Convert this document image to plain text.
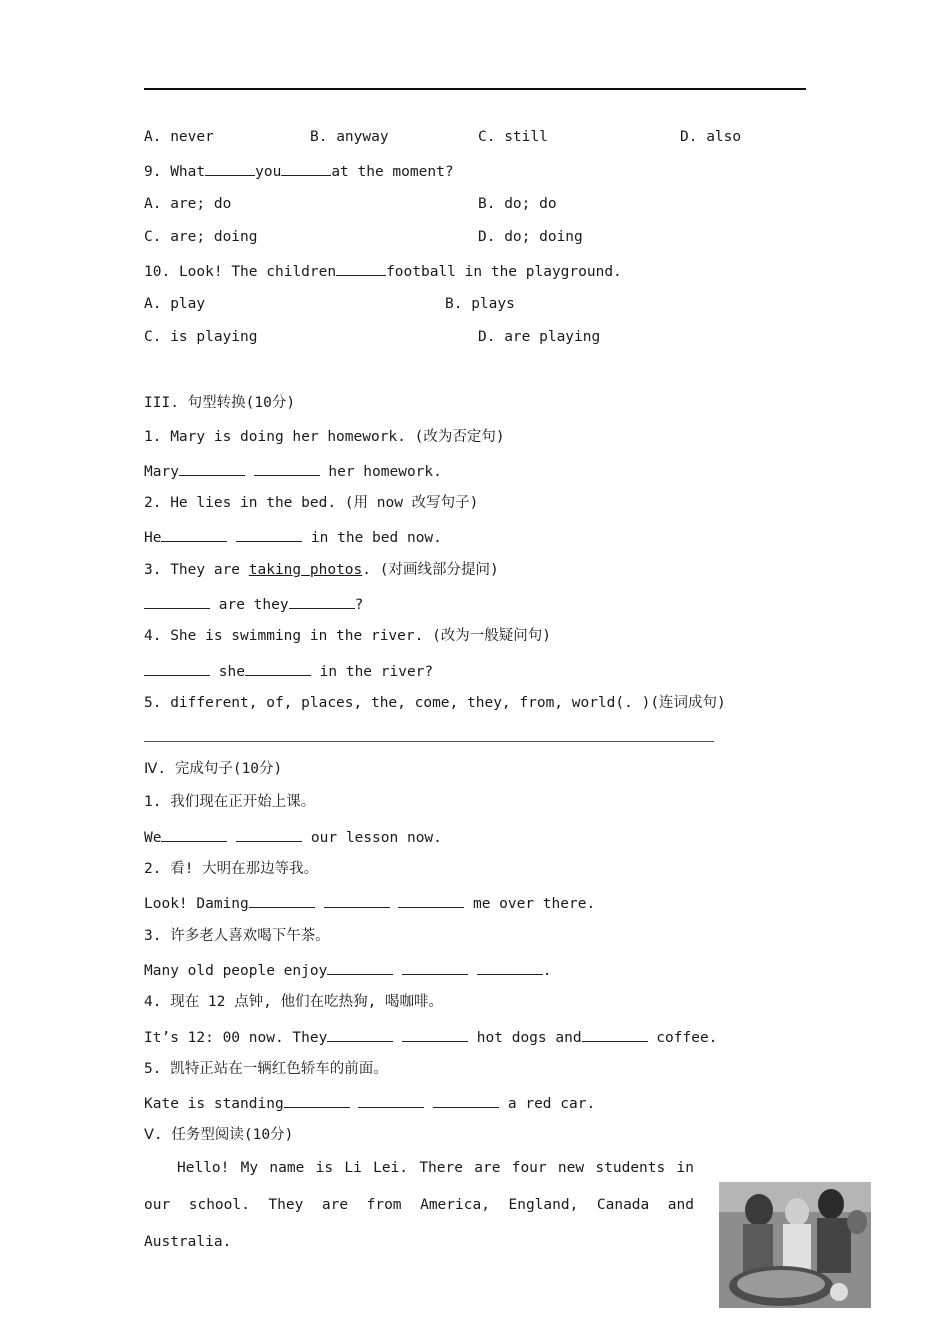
A. never	B. anyway	C. still	D. also
9. What	you	at the moment?
A. are; do	B. do; do
C. are; doing	D. do; doing
10. Look! The children	football in the playground.
A. play	B. plays
C. is playing	D. are playing
III. 句型转换(10分)
1. Mary is doing her homework. (改为否定句)
Mary	her homework.
2. He lies in the bed. (用 now 改写句子)
He	in the bed now.
3. They are taking photos. (对画线部分提问)
are they	?
4. She is swimming in the river. (改为一般疑问句)
she	in the river?
5. different, of, places, the, come, they, from, world(. )(连词成句)
Ⅳ. 完成句子(10分)
1. 我们现在正开始上课。
We	our lesson now.
2. 看! 大明在那边等我。
Look! Daming	me over there.
3. 许多老人喜欢喝下午茶。
Many old people enjoy	.
4. 现在 12 点钟, 他们在吃热狗, 喝咖啡。
It’s 12: 00 now. They	hot dogs and	coffee.
5. 凯特正站在一辆红色轿车的前面。
Kate is standing	a red car.
Ⅴ. 任务型阅读(10分)
Hello! My name is Li Lei. There are four new students in our school. They are from America, England, Canada and Australia.
